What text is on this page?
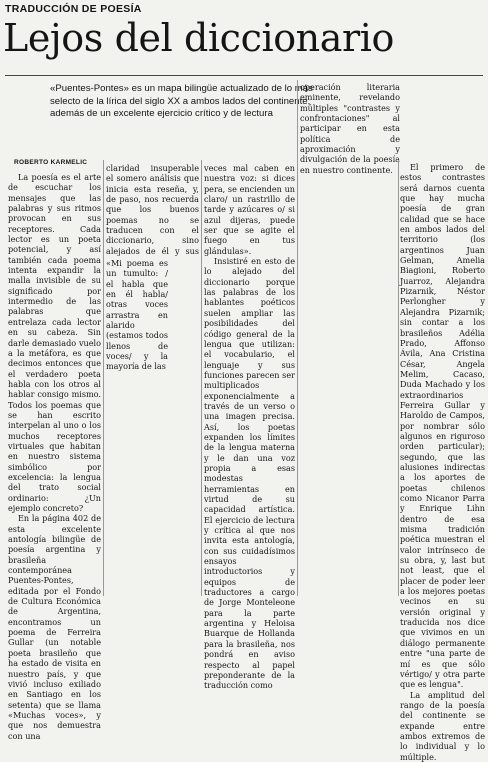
TRADUCCIÓN DE POESÍA
Lejos del diccionario
«Puentes-Pontes» es un mapa bilingüe actualizado de lo más selecto de la lírica del siglo XX a ambos lados del continente, además de un excelente ejercicio crítico y de lectura
ROBERTO KARMELIC

La poesía es el arte de escuchar los mensajes que las palabras y sus ritmos provocan en sus receptores. Cada lector es un poeta potencial, y así también cada poema intenta expandir la malla invisible de su significado por intermedio de las palabras que entrelaza cada lector en su cabeza. Sin darle demasiado vuelo a la metáfora, es que decimos entonces que el verdadero poeta habla con los otros al hablar consigo mismo. Todos los poemas que se han escrito interpelan al uno o los muchos receptores virtuales que habitan en nuestro sistema simbólico por excelencia: la lengua del trato social ordinario: ¿Un ejemplo concreto?

En la página 402 de esta excelente antología bilingüe de poesía argentina y brasileña contemporánea Puentes-Pontes, editada por el Fondo de Cultura Económica de Argentina, encontramos un poema de Ferreira Gullar (un notable poeta brasileño que ha estado de visita en nuestro país, y que vivió incluso exiliado en Santiago en los setenta) que se llama «Muchas voces», y que nos demuestra con una

claridad insuperable el somero análisis que inicia esta reseña, y, de paso, nos recuerda que los buenos poemas no se traducen con el diccionario, sino alejados de él y sus

veces mal caben en nuestra voz: si dices pera, se encienden un claro/ un rastrillo de tarde y azúcares o/ si azul dijeras, puede ser que se agite el fuego en tus glándulas».

Insistiré en esto de lo alejado del diccionario porque las palabras de los hablantes poéticos suelen ampliar las posibilidades del código general de la lengua que utilizan: el vocabulario, el lenguaje y sus funciones parecen ser multiplicados exponencialmente a través de un verso o una imagen precisa. Así, los poetas expanden los límites de la lengua materna y le dan una voz propia a esas modestas herramientas en virtud de su capacidad artística. El ejercicio de lectura y crítica al que nos invita esta antología, con sus cuidadísimos ensayos introductorios y equipos de traductores a cargo de Jorge Monteleone para la parte argentina y Heloisa Buarque de Hollanda para la brasileña, nos pondrá en aviso respecto al papel preponderante de la traducción como

operación literaria eminente, revelando múltiples "contrastes y confrontaciones" al participar en esta política de aproximación y divulgación de la poesía en nuestro continente.	El primero de estos contrastes será darnos cuenta que hay mucha poesía de gran calidad que se hace en ambos lados del territorio (los argentinos Juan Gelman, Amelia Biagioni, Roberto Juarroz, Alejandra Pizarnik, Néstor Perlongher y Alejandra Pizarnik; sin contar a los brasileños Adélia Prado, Affonso Ávila, Ana Cristina César, Angela Melim, Cacaso, Duda Machado y los extraordinarios Ferreira Gullar y Haroldo de Campos, por nombrar sólo algunos en riguroso orden particular); segundo, que las alusiones indirectas a los aportes de poetas chilenos como Nicanor Parra y Enrique Lihn dentro de esa misma tradición poética muestran el valor intrínseco de su obra, y, last but not least, que el placer de poder leer a los mejores poetas vecinos en su versión original y traducida nos dice que vivimos en un diálogo permanente entre "una parte de mí es que sólo vértigo/ y otra parte que es lengua".

La amplitud del rango de la poesía del continente se expande entre ambos extremos de lo individual y lo múltiple.

«Mi poema es un tumulto: / el habla que en él habla/ otras voces arrastra en alarido (estamos todos llenos de voces/ y la mayoría de las
